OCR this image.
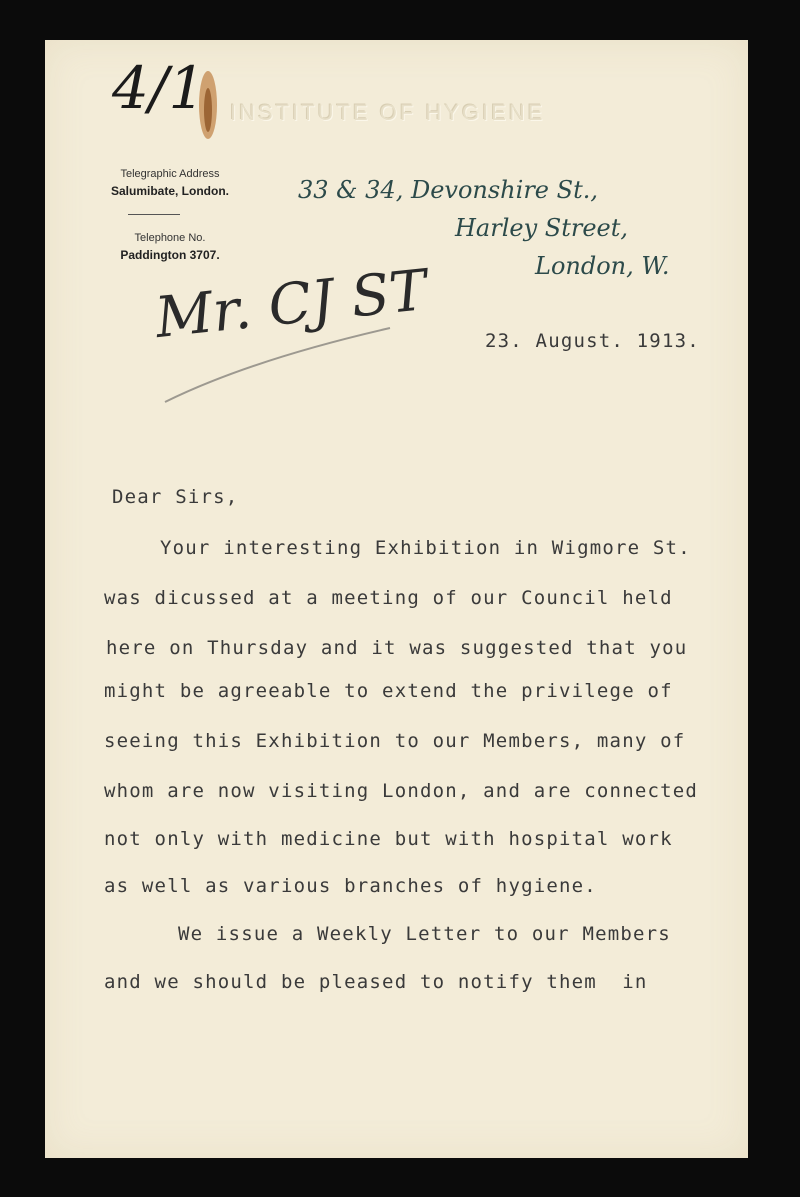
4/1 INSTITUTE OF HYGIENE
Telegraphic Address
Salumibate, London.
Telephone No.
Paddington 3707.
33 & 34, Devonshire St.,
Harley Street,
London, W.
Mr. CJ ST	23. August. 1913.
Dear Sirs,
Your interesting Exhibition in Wigmore St.
was dicussed at a meeting of our Council held
here on Thursday and it was suggested that you
might be agreeable to extend the privilege of
seeing this Exhibition to our Members, many of
whom are now visiting London, and are connected
not only with medicine but with hospital work
as well as various branches of hygiene.
We issue a Weekly Letter to our Members
and we should be pleased to notify them  in
